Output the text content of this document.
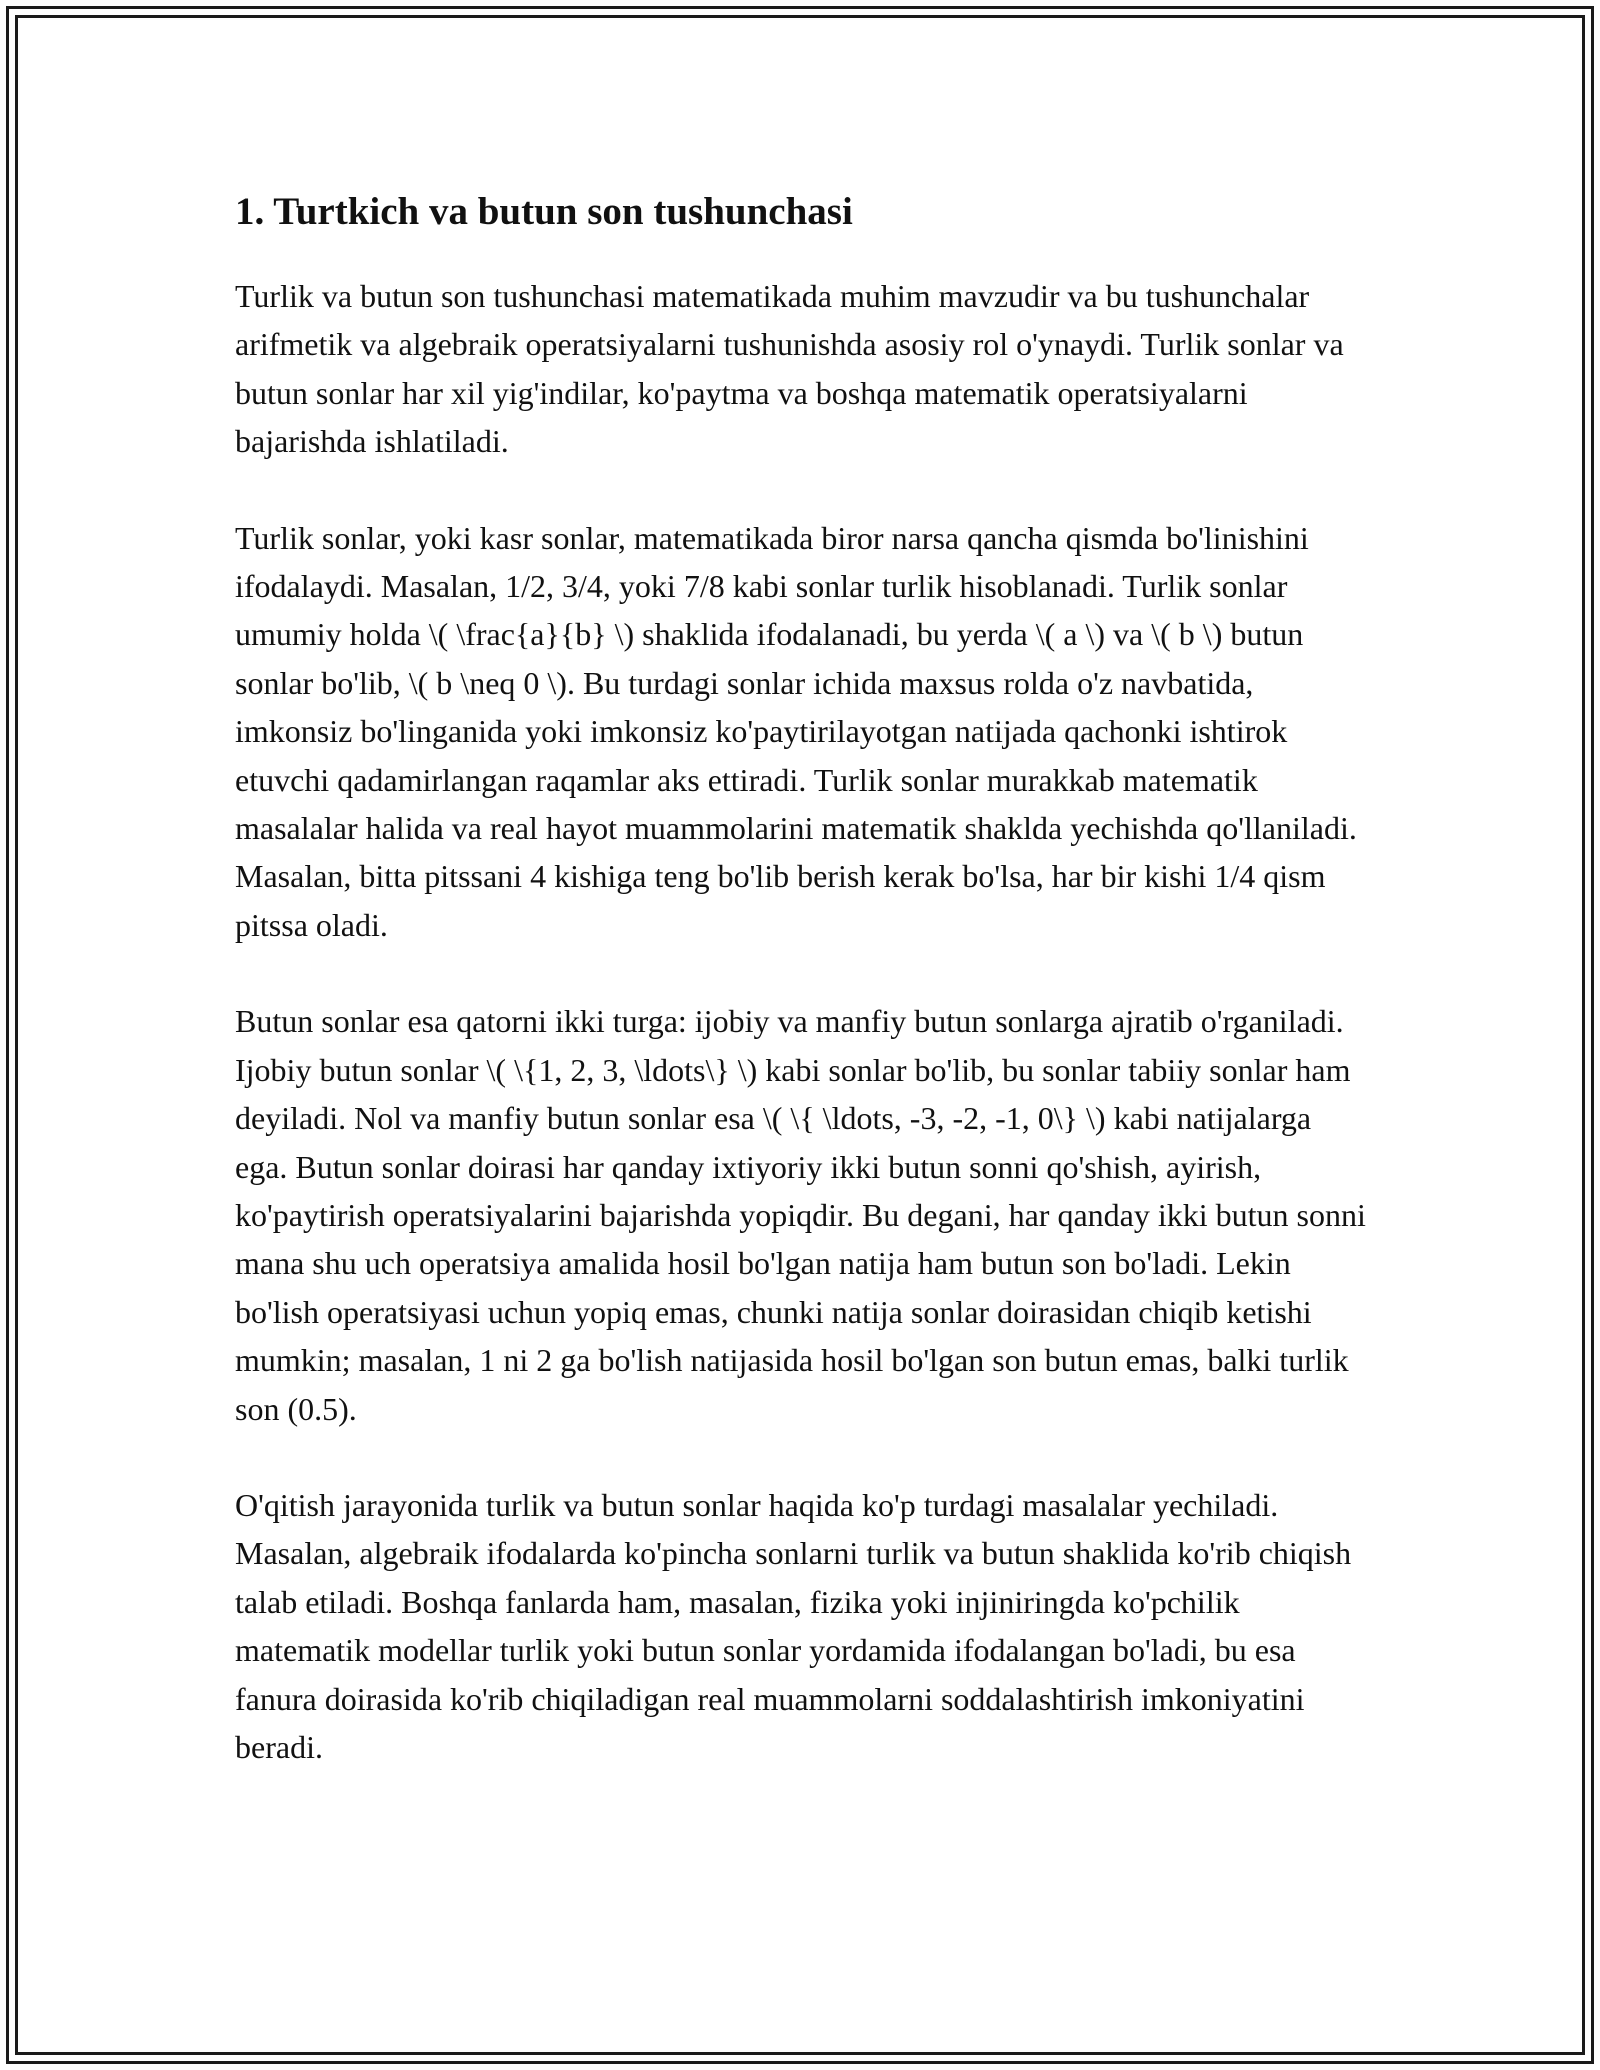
1. Turtkich va butun son tushunchasi

Turlik va butun son tushunchasi matematikada muhim mavzudir va bu tushunchalar arifmetik va algebraik operatsiyalarni tushunishda asosiy rol o'ynaydi. Turlik sonlar va butun sonlar har xil yig'indilar, ko'paytma va boshqa matematik operatsiyalarni bajarishda ishlatiladi.

Turlik sonlar, yoki kasr sonlar, matematikada biror narsa qancha qismda bo'linishini ifodalaydi. Masalan, 1/2, 3/4, yoki 7/8 kabi sonlar turlik hisoblanadi. Turlik sonlar umumiy holda \( \frac{a}{b} \) shaklida ifodalanadi, bu yerda \( a \) va \( b \) butun sonlar bo'lib, \( b \neq 0 \). Bu turdagi sonlar ichida maxsus rolda o'z navbatida, imkonsiz bo'linganida yoki imkonsiz ko'paytirilayotgan natijada qachonki ishtirok etuvchi qadamirlangan raqamlar aks ettiradi. Turlik sonlar murakkab matematik masalalar halida va real hayot muammolarini matematik shaklda yechishda qo'llaniladi. Masalan, bitta pitssani 4 kishiga teng bo'lib berish kerak bo'lsa, har bir kishi 1/4 qism pitssa oladi.

Butun sonlar esa qatorni ikki turga: ijobiy va manfiy butun sonlarga ajratib o'rganiladi. Ijobiy butun sonlar \( \{1, 2, 3, \ldots\} \) kabi sonlar bo'lib, bu sonlar tabiiy sonlar ham deyiladi. Nol va manfiy butun sonlar esa \( \{ \ldots, -3, -2, -1, 0\} \) kabi natijalarga ega. Butun sonlar doirasi har qanday ixtiyoriy ikki butun sonni qo'shish, ayirish, ko'paytirish operatsiyalarini bajarishda yopiqdir. Bu degani, har qanday ikki butun sonni mana shu uch operatsiya amalida hosil bo'lgan natija ham butun son bo'ladi. Lekin bo'lish operatsiyasi uchun yopiq emas, chunki natija sonlar doirasidan chiqib ketishi mumkin; masalan, 1 ni 2 ga bo'lish natijasida hosil bo'lgan son butun emas, balki turlik son (0.5).

O'qitish jarayonida turlik va butun sonlar haqida ko'p turdagi masalalar yechiladi. Masalan, algebraik ifodalarda ko'pincha sonlarni turlik va butun shaklida ko'rib chiqish talab etiladi. Boshqa fanlarda ham, masalan, fizika yoki injiniringda ko'pchilik matematik modellar turlik yoki butun sonlar yordamida ifodalangan bo'ladi, bu esa fanura doirasida ko'rib chiqiladigan real muammolarni soddalashtirish imkoniyatini beradi.
